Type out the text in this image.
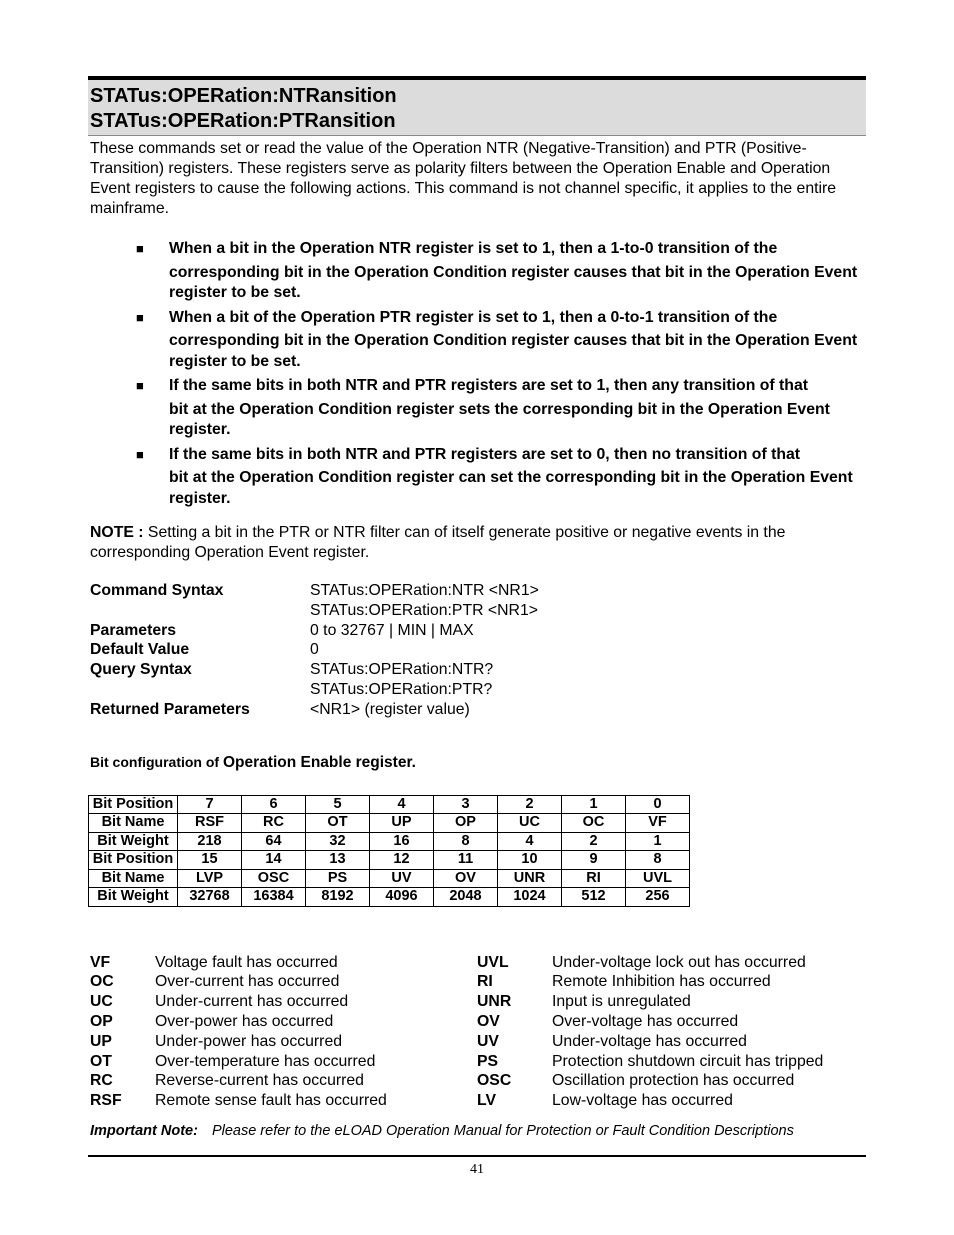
STATus:OPERation:NTRansition
STATus:OPERation:PTRansition
These commands set or read the value of the Operation NTR (Negative-Transition) and PTR (Positive-Transition) registers. These registers serve as polarity filters between the Operation Enable and Operation Event registers to cause the following actions. This command is not channel specific, it applies to the entire mainframe.
■ When a bit in the Operation NTR register is set to 1, then a 1-to-0 transition of the
corresponding bit in the Operation Condition register causes that bit in the Operation Event register to be set.
■ When a bit of the Operation PTR register is set to 1, then a 0-to-1 transition of the
corresponding bit in the Operation Condition register causes that bit in the Operation Event register to be set.
■ If the same bits in both NTR and PTR registers are set to 1, then any transition of that
bit at the Operation Condition register sets the corresponding bit in the Operation Event register.
■ If the same bits in both NTR and PTR registers are set to 0, then no transition of that
bit at the Operation Condition register can set the corresponding bit in the Operation Event register.
NOTE : Setting a bit in the PTR or NTR filter can of itself generate positive or negative events in the corresponding Operation Event register.
Command Syntax	STATus:OPERation:NTR <NR1>
STATus:OPERation:PTR <NR1>
Parameters	0 to 32767 | MIN | MAX
Default Value	0
Query Syntax	STATus:OPERation:NTR?
STATus:OPERation:PTR?
Returned Parameters	<NR1> (register value)
Bit configuration of Operation Enable register.
Bit Position	7	6	5	4	3	2	1	0
Bit Name	RSF	RC	OT	UP	OP	UC	OC	VF
Bit Weight	218	64	32	16	8	4	2	1
Bit Position	15	14	13	12	11	10	9	8
Bit Name	LVP	OSC	PS	UV	OV	UNR	RI	UVL
Bit Weight	32768	16384	8192	4096	2048	1024	512	256
VF	Voltage fault has occurred
OC	Over-current has occurred
UC	Under-current has occurred
OP	Over-power has occurred
UP	Under-power has occurred
OT	Over-temperature has occurred
RC	Reverse-current has occurred
RSF	Remote sense fault has occurred
UVL	Under-voltage lock out has occurred
RI	Remote Inhibition has occurred
UNR	Input is unregulated
OV	Over-voltage has occurred
UV	Under-voltage has occurred
PS	Protection shutdown circuit has tripped
OSC	Oscillation protection has occurred
LV	Low-voltage has occurred
Important Note: Please refer to the eLOAD Operation Manual for Protection or Fault Condition Descriptions
41
